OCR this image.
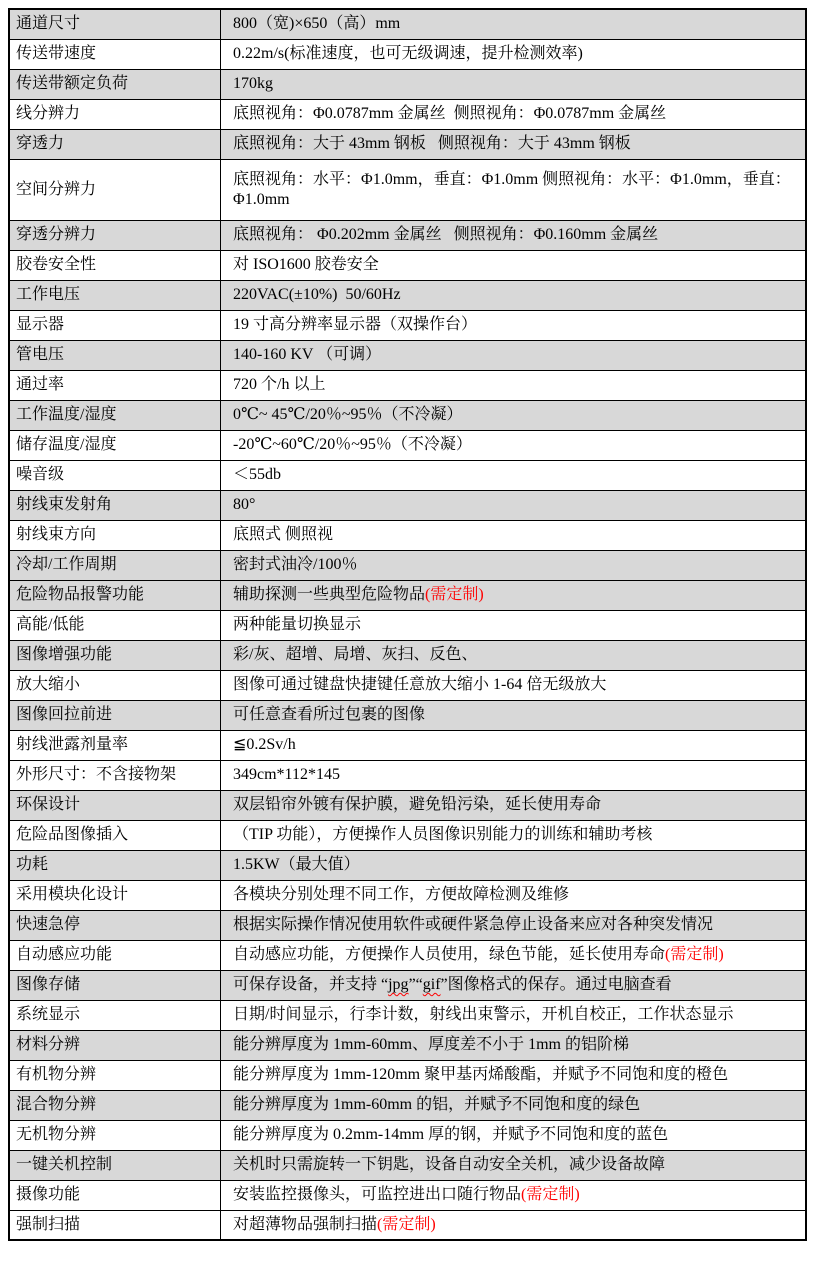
通道尺寸	800（宽)×650（高）mm
传送带速度	0.22m/s(标准速度，也可无级调速，提升检测效率)
传送带额定负荷	170kg
线分辨力	底照视角：Φ0.0787mm 金属丝  侧照视角：Φ0.0787mm 金属丝
穿透力	底照视角：大于 43mm 钢板   侧照视角：大于 43mm 钢板
空间分辨力	底照视角：水平：Φ1.0mm，垂直：Φ1.0mm 侧照视角：水平：Φ1.0mm，垂直：Φ1.0mm
穿透分辨力	底照视角： Φ0.202mm 金属丝   侧照视角：Φ0.160mm 金属丝
胶卷安全性	对 ISO1600 胶卷安全
工作电压	220VAC(±10%)  50/60Hz
显示器	19 寸高分辨率显示器（双操作台）
管电压	140-160 KV （可调）
通过率	720 个/h 以上
工作温度/湿度	0℃~ 45℃/20％~95％（不冷凝）
储存温度/湿度	-20℃~60℃/20％~95％（不冷凝）
噪音级	＜55db
射线束发射角	80°
射线束方向	底照式 侧照视
冷却/工作周期	密封式油冷/100％
危险物品报警功能	辅助探测一些典型危险物品(需定制)
高能/低能	两种能量切换显示
图像增强功能	彩/灰、超增、局增、灰扫、反色、
放大缩小	图像可通过键盘快捷键任意放大缩小 1-64 倍无级放大
图像回拉前进	可任意查看所过包裹的图像
射线泄露剂量率	≦0.2Sv/h
外形尺寸：不含接物架	349cm*112*145
环保设计	双层铅帘外镀有保护膜，避免铅污染，延长使用寿命
危险品图像插入	（TIP 功能），方便操作人员图像识别能力的训练和辅助考核
功耗	1.5KW（最大值）
采用模块化设计	各模块分别处理不同工作，方便故障检测及维修
快速急停	根据实际操作情况使用软件或硬件紧急停止设备来应对各种突发情况
自动感应功能	自动感应功能，方便操作人员使用，绿色节能，延长使用寿命(需定制)
图像存储	可保存设备，并支持 “jpg”“gif”图像格式的保存。通过电脑查看
系统显示	日期/时间显示，行李计数，射线出束警示，开机自校正，工作状态显示
材料分辨	能分辨厚度为 1mm-60mm、厚度差不小于 1mm 的铝阶梯
有机物分辨	能分辨厚度为 1mm-120mm 聚甲基丙烯酸酯，并赋予不同饱和度的橙色
混合物分辨	能分辨厚度为 1mm-60mm 的铝，并赋予不同饱和度的绿色
无机物分辨	能分辨厚度为 0.2mm-14mm 厚的钢，并赋予不同饱和度的蓝色
一键关机控制	关机时只需旋转一下钥匙，设备自动安全关机，减少设备故障
摄像功能	安装监控摄像头，可监控进出口随行物品(需定制)
强制扫描	对超薄物品强制扫描(需定制)
